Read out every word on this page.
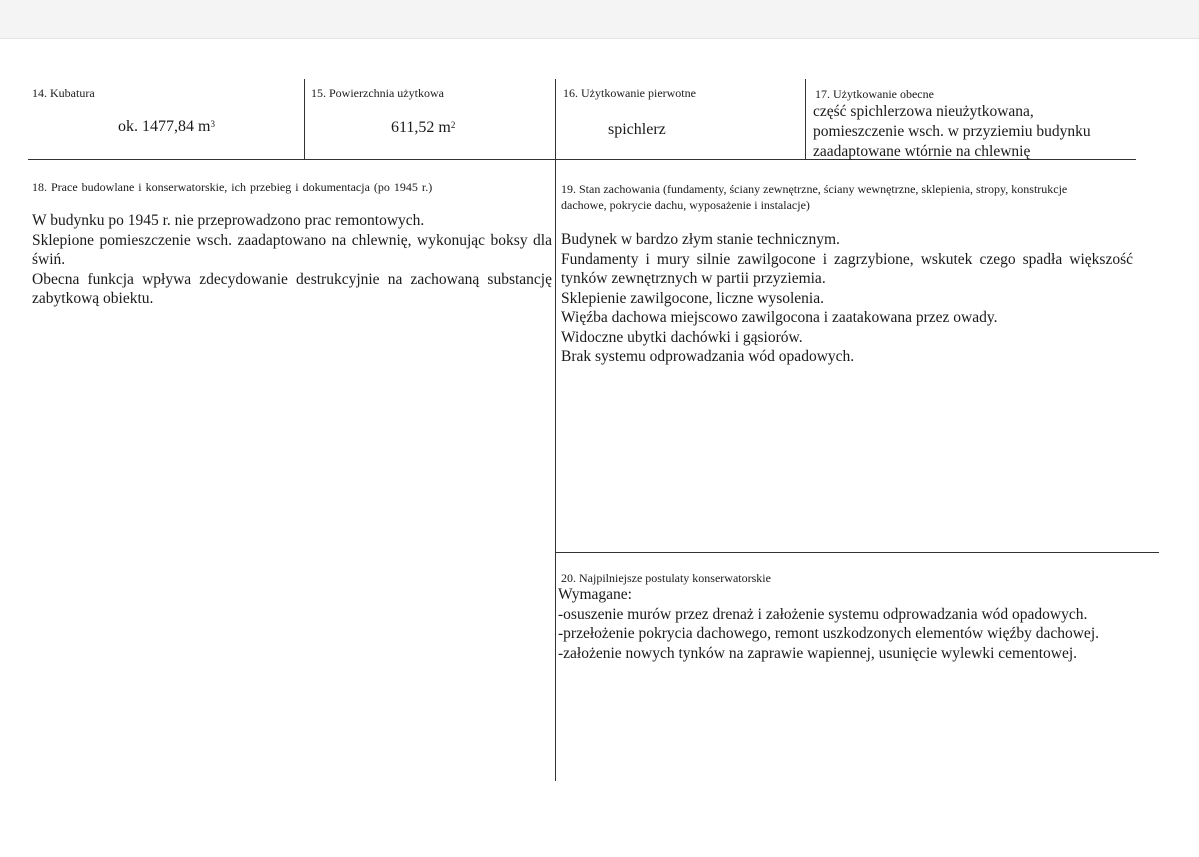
14. Kubatura
ok. 1477,84 $m^3$
15. Powierzchnia użytkowa
611,52 $m^2$
16. Użytkowanie pierwotne
spichlerz
17. Użytkowanie obecne
część spichlerzowa nieużytkowana,
pomieszczenie wsch. w przyziemiu budynku
zaadaptowane wtórnie na chlewnię
18. Prace budowlane i konserwatorskie, ich przebieg i dokumentacja (po 1945 r.)

W budynku po 1945 r. nie przeprowadzono prac remontowych.

Sklepione pomieszczenie wsch. zaadaptowano na chlewnię, wykonując boksy dla świń.

Obecna funkcja wpływa zdecydowanie destrukcyjnie na zachowaną substancję zabytkową obiektu.

19. Stan zachowania (fundamenty, ściany zewnętrzne, ściany wewnętrzne, sklepienia, stropy, konstrukcje dachowe, pokrycie dachu, wyposażenie i instalacje)

Budynek w bardzo złym stanie technicznym.

Fundamenty i mury silnie zawilgocone i zagrzybione, wskutek czego spadła większość tynków zewnętrznych w partii przyziemia.

Sklepienie zawilgocone, liczne wysolenia.

Więźba dachowa miejscowo zawilgocona i zaatakowana przez owady.

Widoczne ubytki dachówki i gąsiorów.

Brak systemu odprowadzania wód opadowych.

20. Najpilniejsze postulaty konserwatorskie

Wymagane:

-osuszenie murów przez drenaż i założenie systemu odprowadzania wód opadowych.

-przełożenie pokrycia dachowego, remont uszkodzonych elementów więźby dachowej.

-założenie nowych tynków na zaprawie wapiennej, usunięcie wylewki cementowej.
